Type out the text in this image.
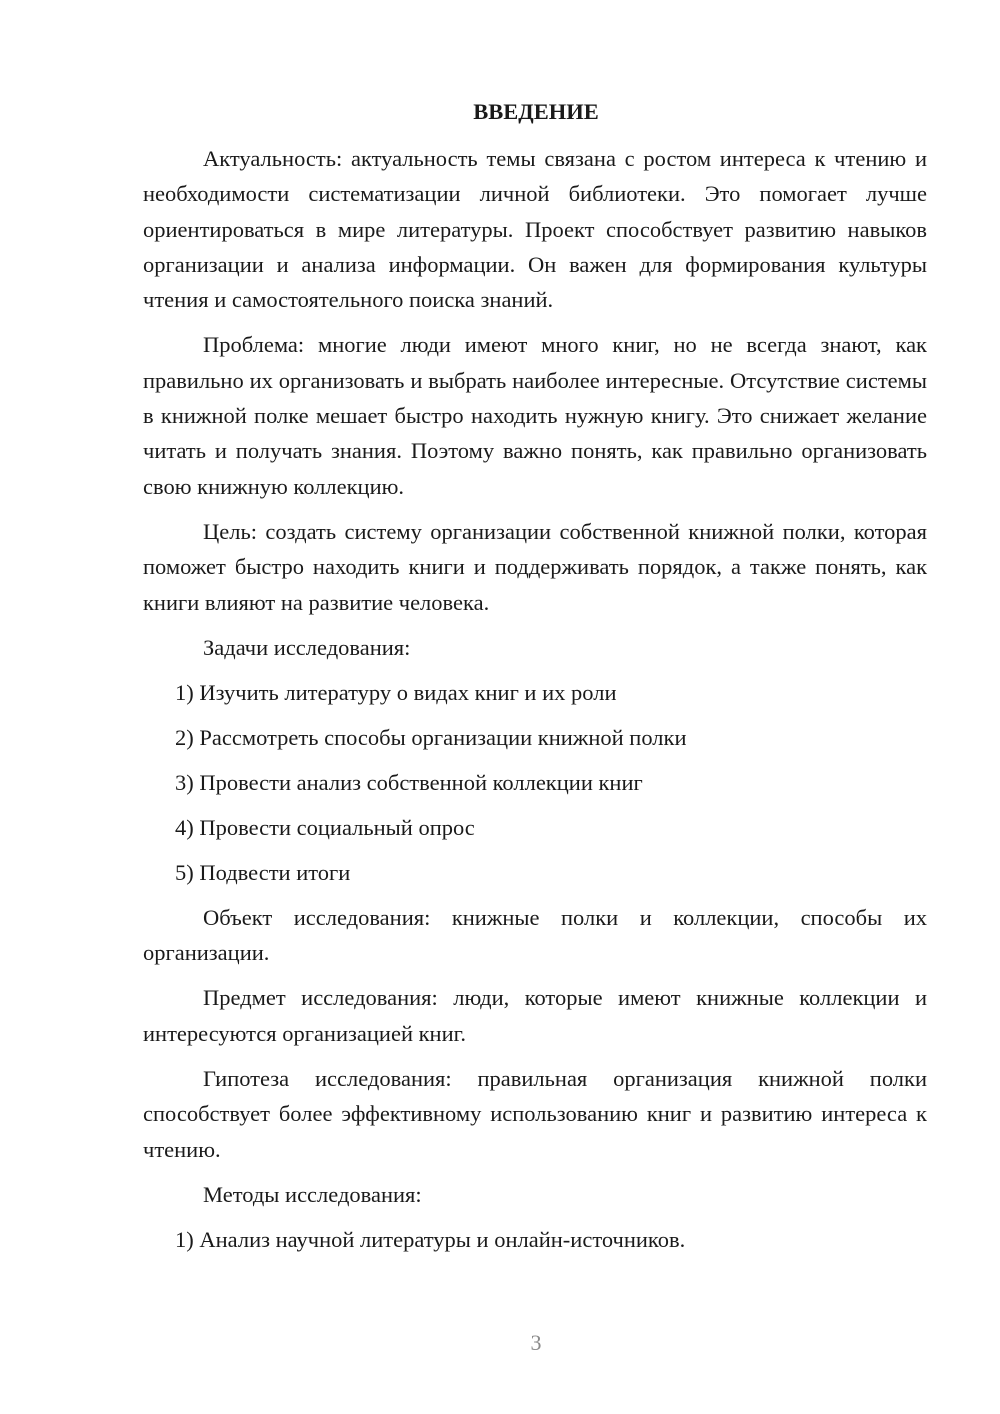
ВВЕДЕНИЕ

Актуальность: актуальность темы связана с ростом интереса к чтению и необходимости систематизации личной библиотеки. Это помогает лучше ориентироваться в мире литературы. Проект способствует развитию навыков организации и анализа информации. Он важен для формирования культуры чтения и самостоятельного поиска знаний.

Проблема: многие люди имеют много книг, но не всегда знают, как правильно их организовать и выбрать наиболее интересные. Отсутствие системы в книжной полке мешает быстро находить нужную книгу. Это снижает желание читать и получать знания. Поэтому важно понять, как правильно организовать свою книжную коллекцию.

Цель: создать систему организации собственной книжной полки, которая поможет быстро находить книги и поддерживать порядок, а также понять, как книги влияют на развитие человека.

Задачи исследования:
1) Изучить литературу о видах книг и их роли
2) Рассмотреть способы организации книжной полки
3) Провести анализ собственной коллекции книг
4) Провести социальный опрос
5) Подвести итоги

Объект исследования: книжные полки и коллекции, способы их организации.

Предмет исследования: люди, которые имеют книжные коллекции и интересуются организацией книг.

Гипотеза исследования: правильная организация книжной полки способствует более эффективному использованию книг и развитию интереса к чтению.

Методы исследования:
1) Анализ научной литературы и онлайн-источников.
3
